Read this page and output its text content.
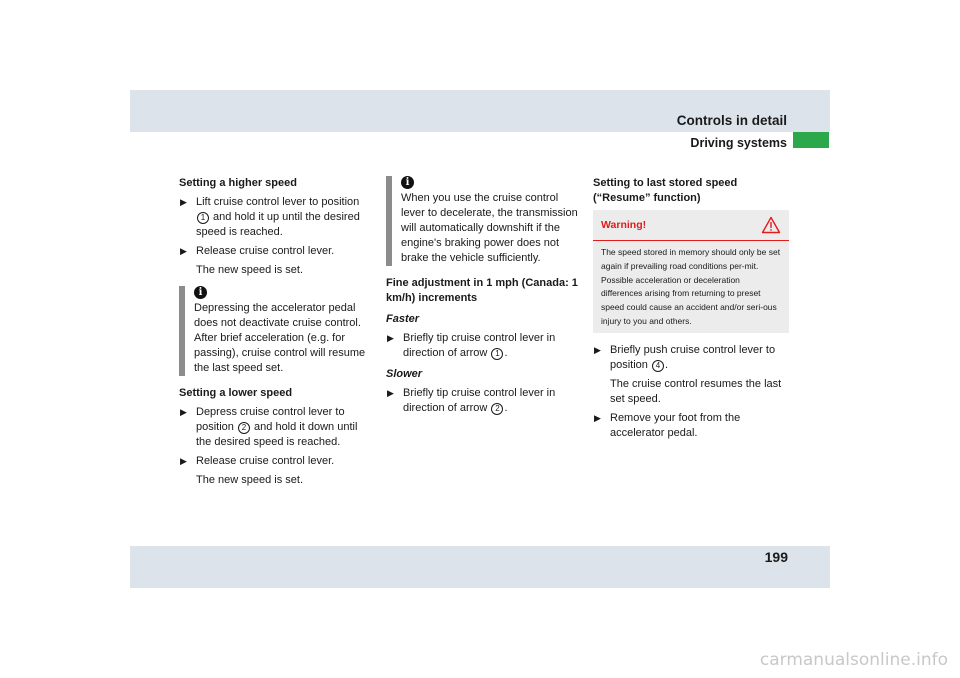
Controls in detail
Driving systems
199

Setting a higher speed

▶ Lift cruise control lever to position 1 and hold it up until the desired speed is reached.

▶ Release cruise control lever.

The new speed is set.

i
Depressing the accelerator pedal does not deactivate cruise control. After brief acceleration (e.g. for passing), cruise control will resume the last speed set.

Setting a lower speed

▶ Depress cruise control lever to position 2 and hold it down until the desired speed is reached.

▶ Release cruise control lever.

The new speed is set.

i
When you use the cruise control lever to decelerate, the transmission will automatically downshift if the engine's braking power does not brake the vehicle sufficiently.

Fine adjustment in 1 mph (Canada: 1 km/h) increments

Faster

▶ Briefly tip cruise control lever in direction of arrow 1 .

Slower

▶ Briefly tip cruise control lever in direction of arrow 2 .

Setting to last stored speed (“Resume” function)

Warning!
The speed stored in memory should only be set again if prevailing road conditions per-mit. Possible acceleration or deceleration differences arising from returning to preset speed could cause an accident and/or seri-ous injury to you and others.

▶ Briefly push cruise control lever to position 4 .

The cruise control resumes the last set speed.

▶ Remove your foot from the accelerator pedal.

carmanualsonline.info
